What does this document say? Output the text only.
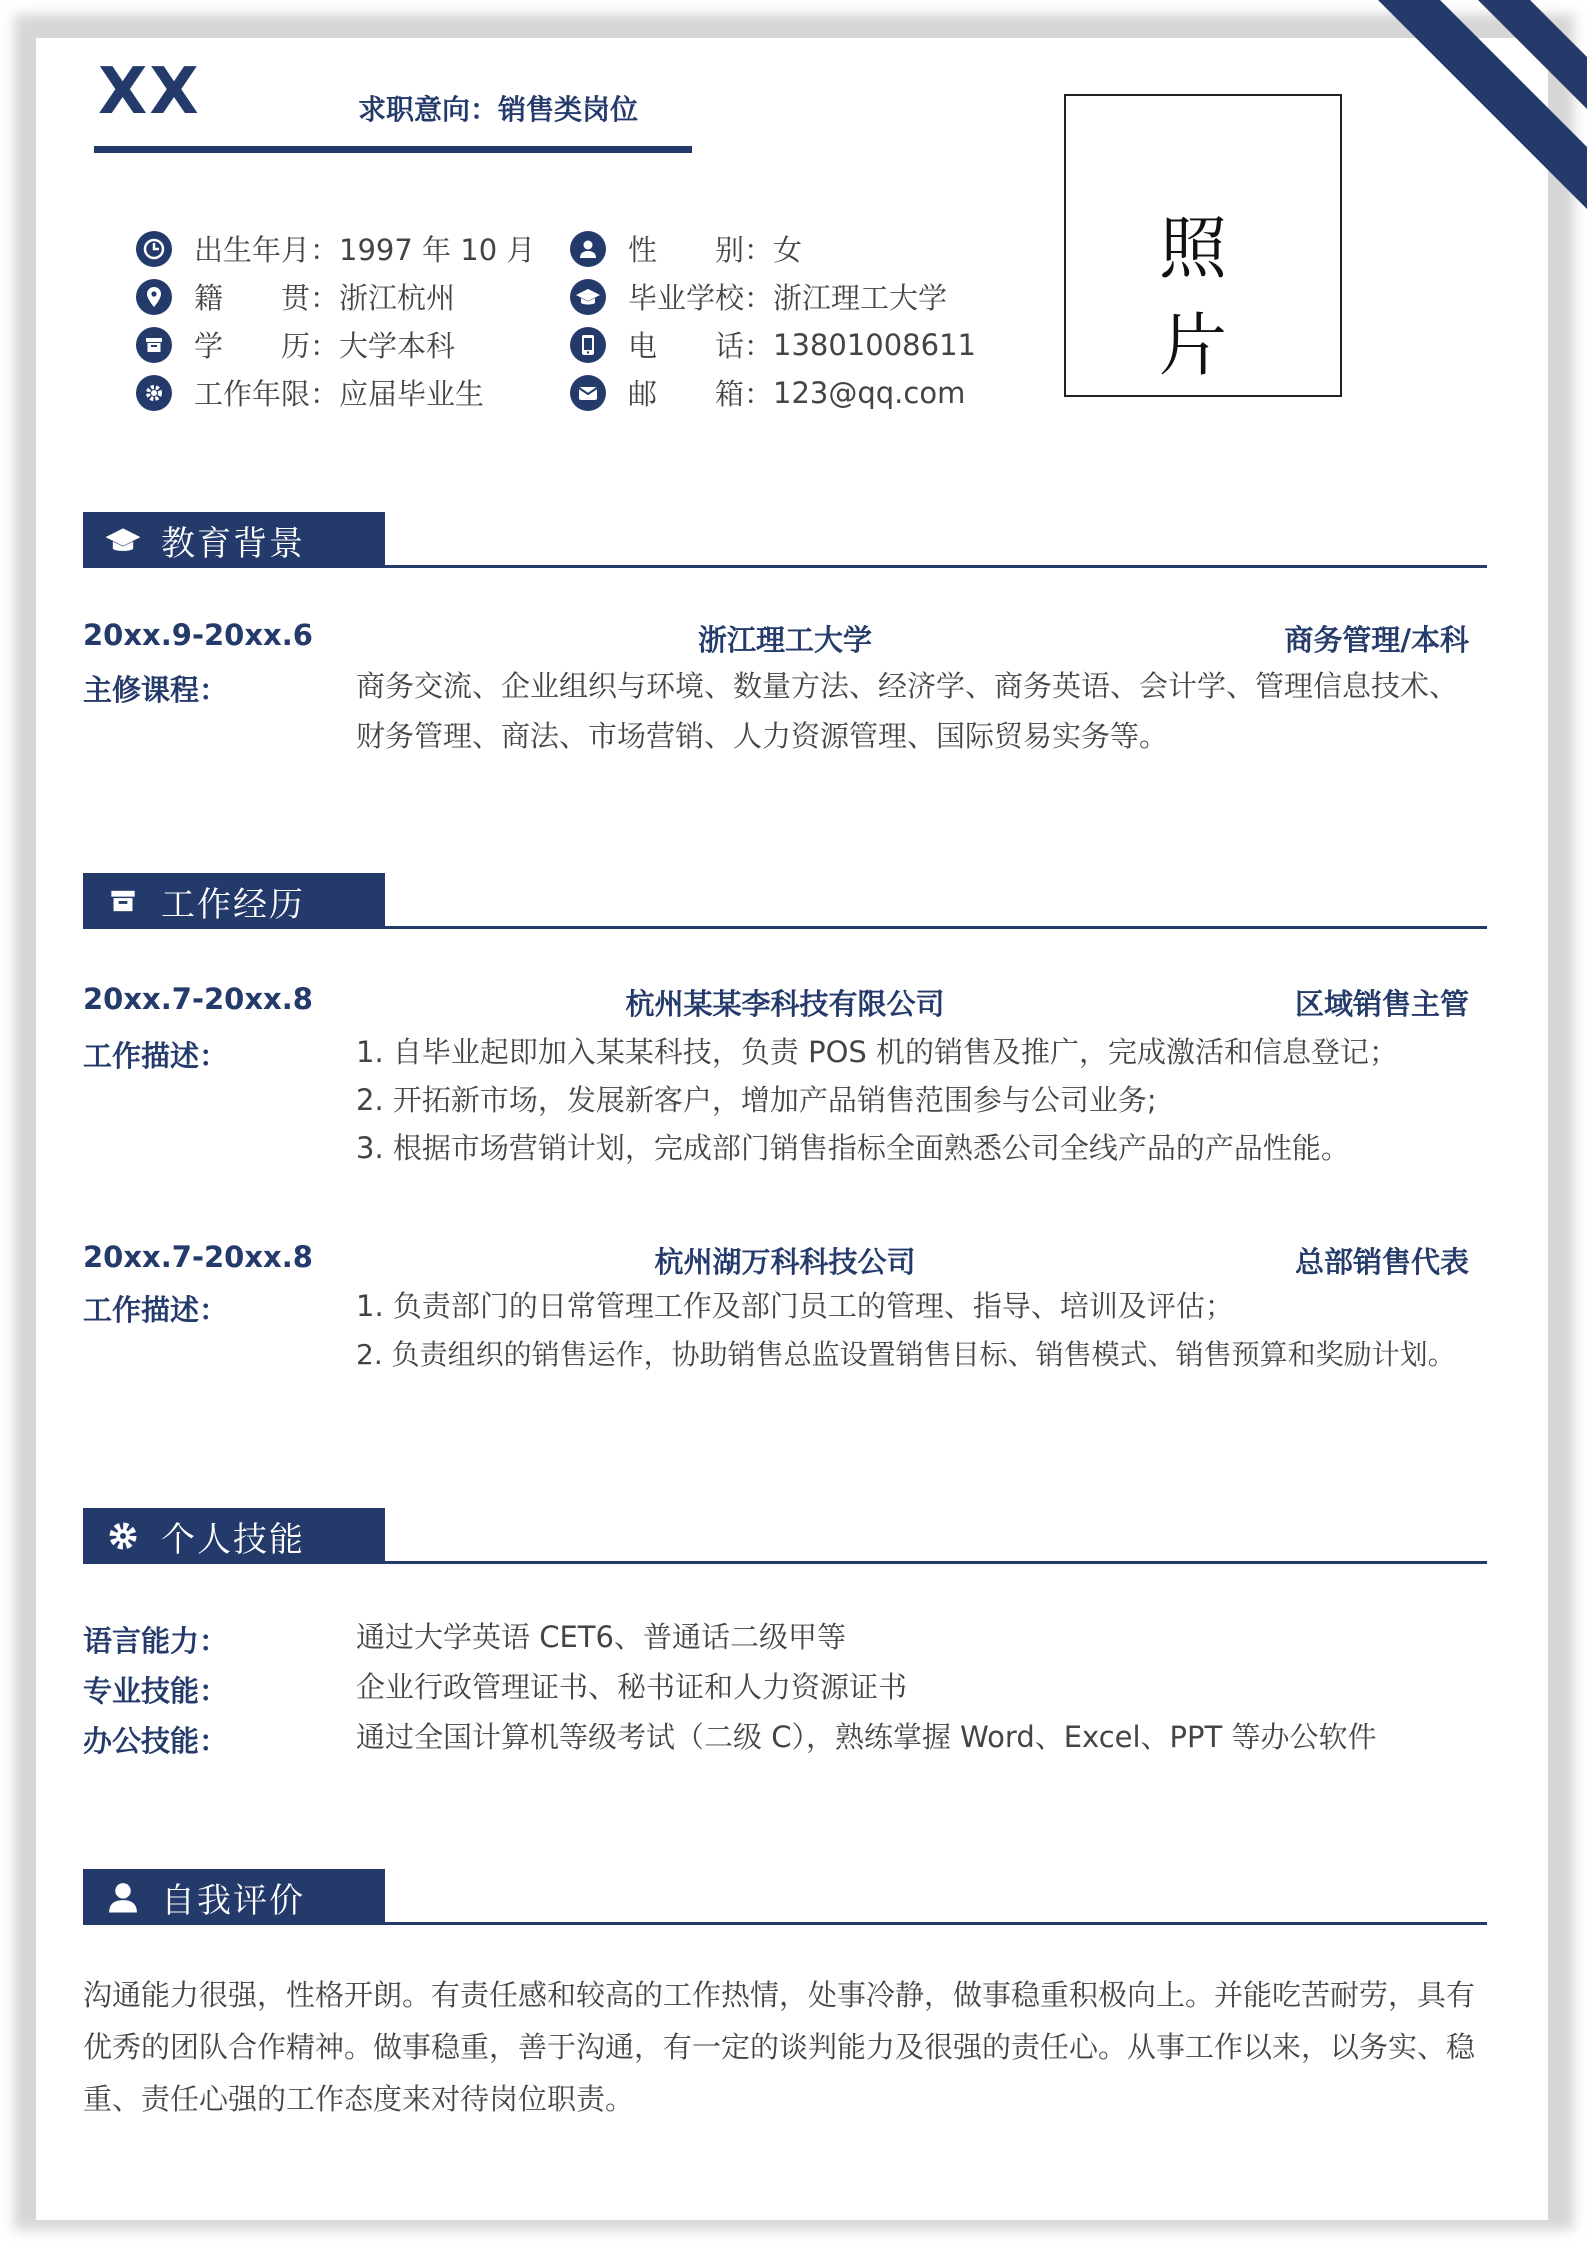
XX	求职意向：销售类岗位
出生年月： 1997 年 10 月
籍　　贯： 浙江杭州
学　　历： 大学本科
工作年限： 应届毕业生
性　　别： 女
毕业学校： 浙江理工大学
电　　话： 13801008611
邮　　箱： 123@qq.com
照 片
教育背景
20xx.9-20xx.6	浙江理工大学	商务管理/本科
主修课程：	商务交流、企业组织与环境、数量方法、经济学、商务英语、会计学、管理信息技术、
财务管理、商法、市场营销、人力资源管理、国际贸易实务等。
工作经历
20xx.7-20xx.8	杭州某某李科技有限公司	区域销售主管
工作描述：	1. 自毕业起即加入某某科技，负责 POS 机的销售及推广，完成激活和信息登记；
2. 开拓新市场，发展新客户，增加产品销售范围参与公司业务;
3. 根据市场营销计划，完成部门销售指标全面熟悉公司全线产品的产品性能。
20xx.7-20xx.8	杭州湖万科科技公司	总部销售代表
工作描述：	1. 负责部门的日常管理工作及部门员工的管理、指导、培训及评估；
2. 负责组织的销售运作，协助销售总监设置销售目标、销售模式、销售预算和奖励计划。
个人技能
语言能力：	通过大学英语 CET6、普通话二级甲等
专业技能：	企业行政管理证书、秘书证和人力资源证书
办公技能：	通过全国计算机等级考试（二级 C），熟练掌握 Word、Excel、PPT 等办公软件
自我评价
沟通能力很强，性格开朗。有责任感和较高的工作热情，处事冷静，做事稳重积极向上。并能吃苦耐劳，具有优秀的团队合作精神。做事稳重，善于沟通，有一定的谈判能力及很强的责任心。从事工作以来，以务实、稳重、责任心强的工作态度来对待岗位职责。
